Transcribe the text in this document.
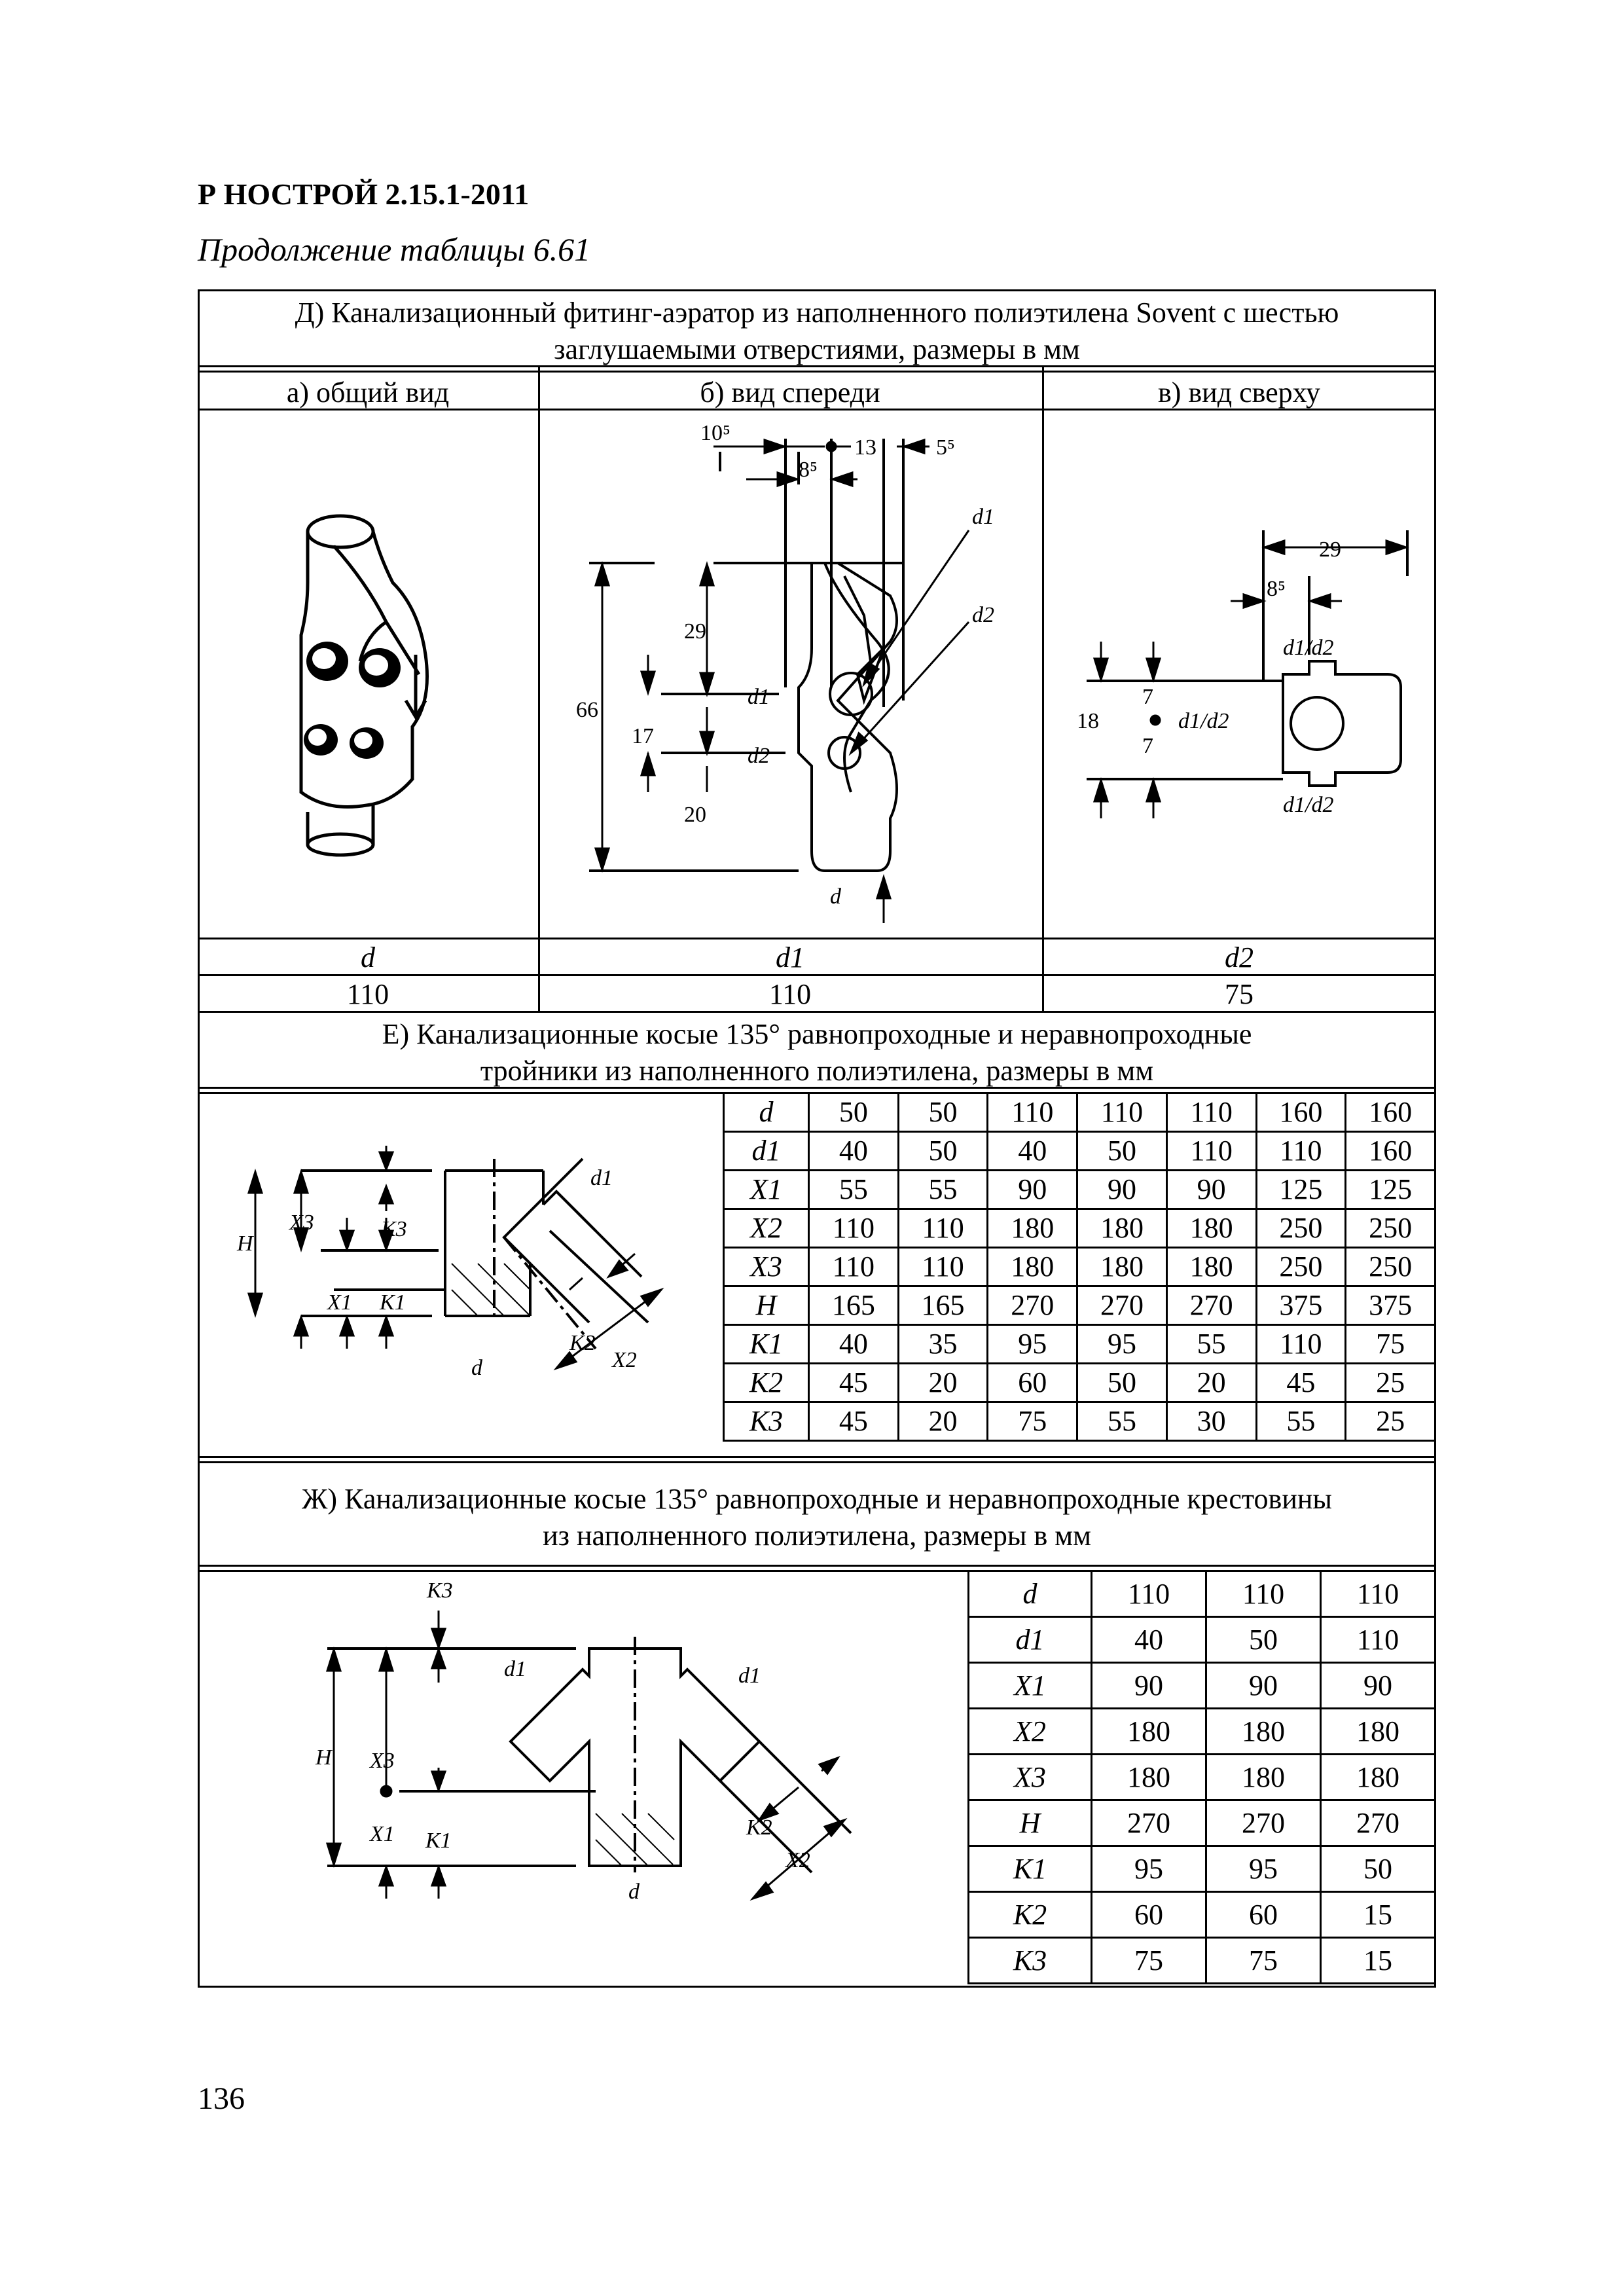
Р НОСТРОЙ 2.15.1-2011
Продолжение таблицы 6.61
Д) Канализационный фитинг-аэратор из наполненного полиэтилена Sovent с шестью
заглушаемыми отверстиями, размеры в мм
а) общий вид	б) вид спереди	в) вид сверху
d	d1	d2
110	110	75
10⁵
13	5⁵
8⁵
d1
d2
29
66
d1
17
d2
20
d
29
8⁵
d1/d2
7
18	d1/d2
7
d1/d2
Е) Канализационные косые 135° равнопроходные и неравнопроходные
тройники из наполненного полиэтилена, размеры в мм
d	50	50	110	110	110	160	160
d1	40	50	40	50	110	110	160
X1	55	55	90	90	90	125	125
X2	110	110	180	180	180	250	250
X3	110	110	180	180	180	250	250
H	165	165	270	270	270	375	375
K1	40	35	95	95	55	110	75
K2	45	20	60	50	20	45	25
K3	45	20	75	55	30	55	25
H
X3	K3
X1 K1
d
d1
K2
X2
Ж) Канализационные косые 135° равнопроходные и неравнопроходные крестовины
из наполненного полиэтилена, размеры в мм
d	110	110	110
d1	40	50	110
X1	90	90	90
X2	180	180	180
X3	180	180	180
H	270	270	270
K1	95	95	50
K2	60	60	15
K3	75	75	15
K3
d1	d1
H X3
X1 K1
d
K2
X2
136
